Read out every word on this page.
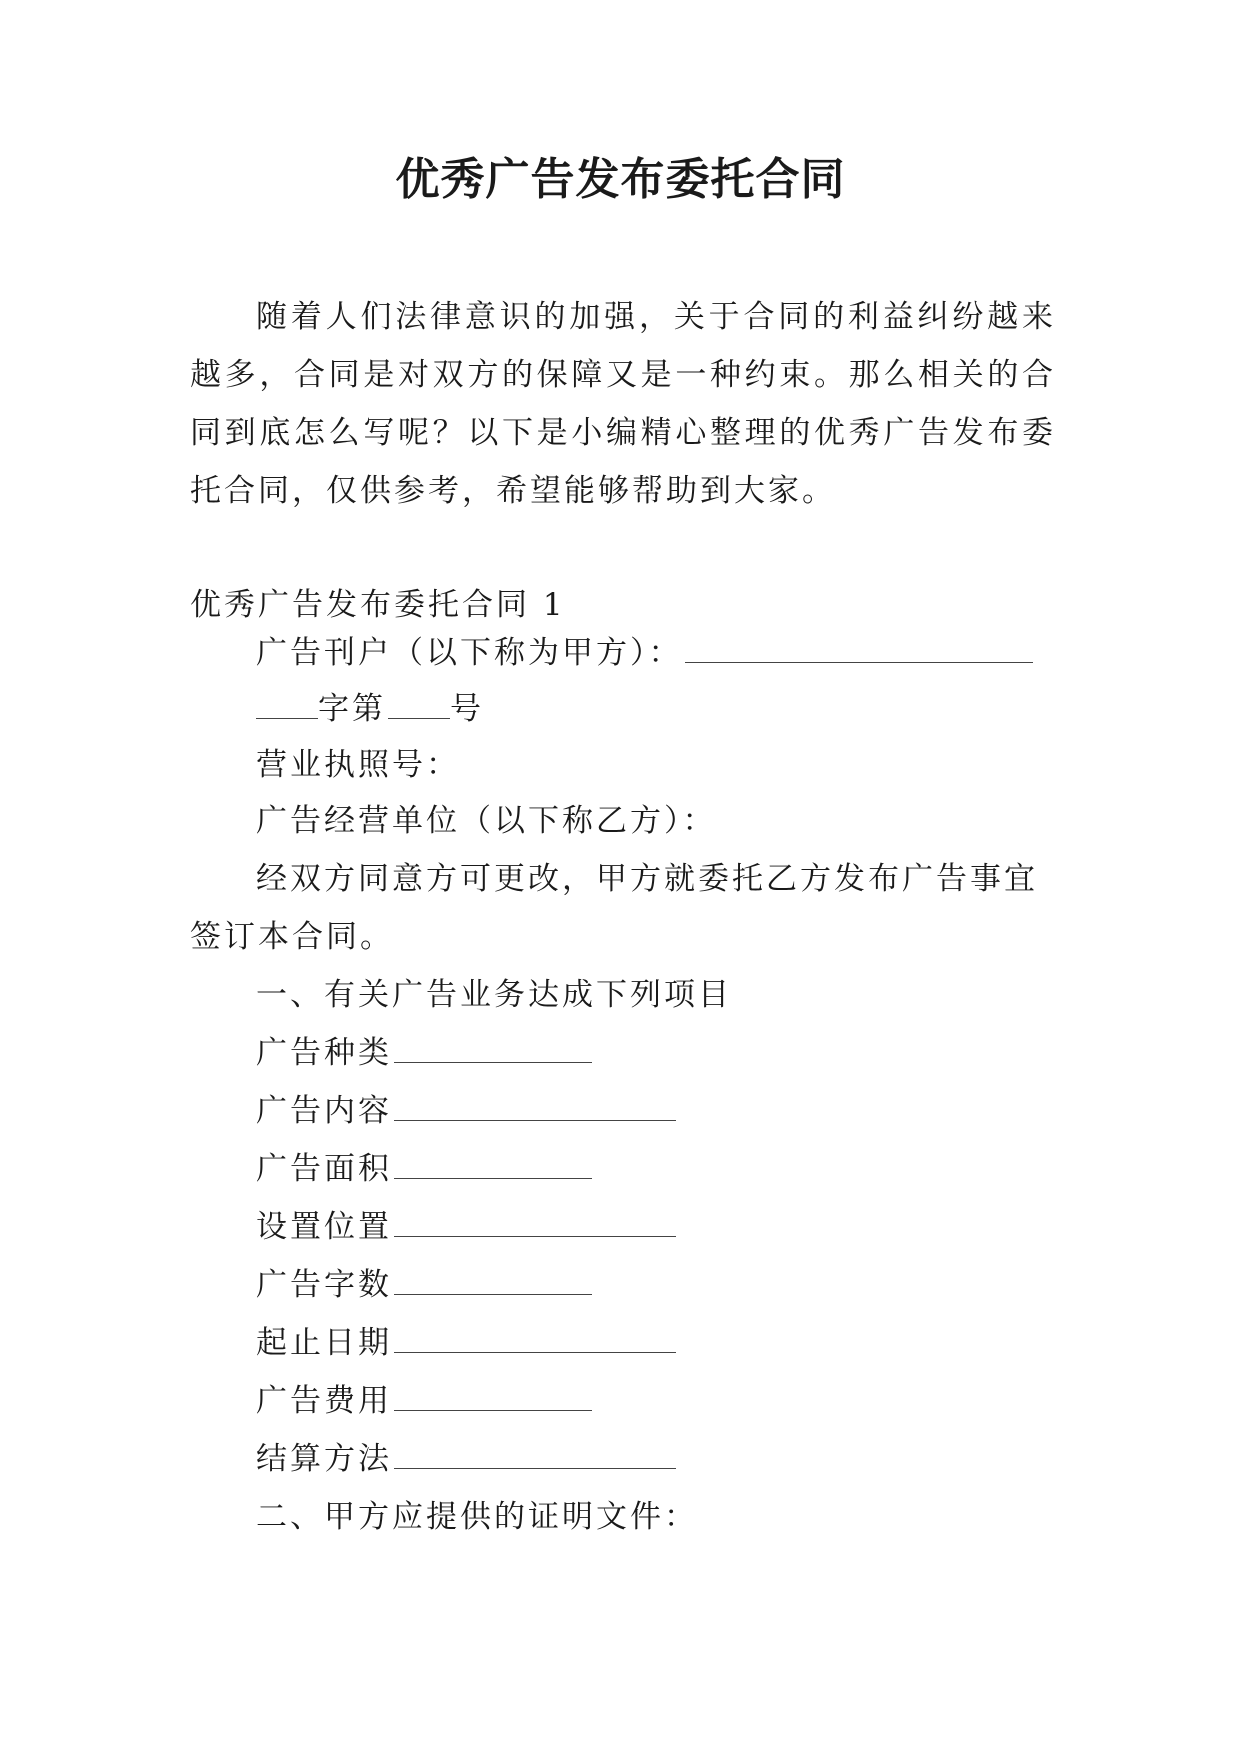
优秀广告发布委托合同

随着人们法律意识的加强，关于合同的利益纠纷越来越多，合同是对双方的保障又是一种约束。那么相关的合同到底怎么写呢？以下是小编精心整理的优秀广告发布委托合同，仅供参考，希望能够帮助到大家。

优秀广告发布委托合同 1

广告刊户（以下称为甲方）：

字第 号

营业执照号：

广告经营单位（以下称乙方）：

经双方同意方可更改，甲方就委托乙方发布广告事宜签订本合同。

一、有关广告业务达成下列项目

广告种类

广告内容

广告面积

设置位置

广告字数

起止日期

广告费用

结算方法

二、甲方应提供的证明文件：
